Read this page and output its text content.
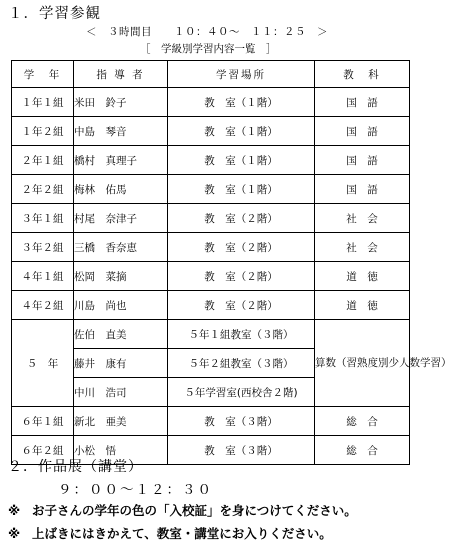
１．学習参観
＜　３時間目　　１０：４０～　１１：２５　＞
［　学級別学習内容一覧　］
学　年	指 導 者	学習場所	教　科
１年１組	米田　鈴子	教　室（１階）	国　語
１年２組	中島　琴音	教　室（１階）	国　語
２年１組	橋村　真理子	教　室（１階）	国　語
２年２組	梅林　佑馬	教　室（１階）	国　語
３年１組	村尾　奈津子	教　室（２階）	社　会
３年２組	三橋　香奈恵	教　室（２階）	社　会
４年１組	松岡　菜摘	教　室（２階）	道　徳
４年２組	川島　尚也	教　室（２階）	道　徳
５　年	佐伯　直美	５年１組教室（３階）	算数（習熟度別少人数学習）
	藤井　康有	５年２組教室（３階）	
	中川　浩司	５年学習室(西校舎２階)	
６年１組	新北　亜美	教　室（３階）	総　合
６年２組	小松　悟	教　室（３階）	総　合
２．作品展（講堂）
９：００～１２：３０
※ お子さんの学年の色の「入校証」を身につけてください。
※ 上ばきにはきかえて、教室・講堂にお入りください。
